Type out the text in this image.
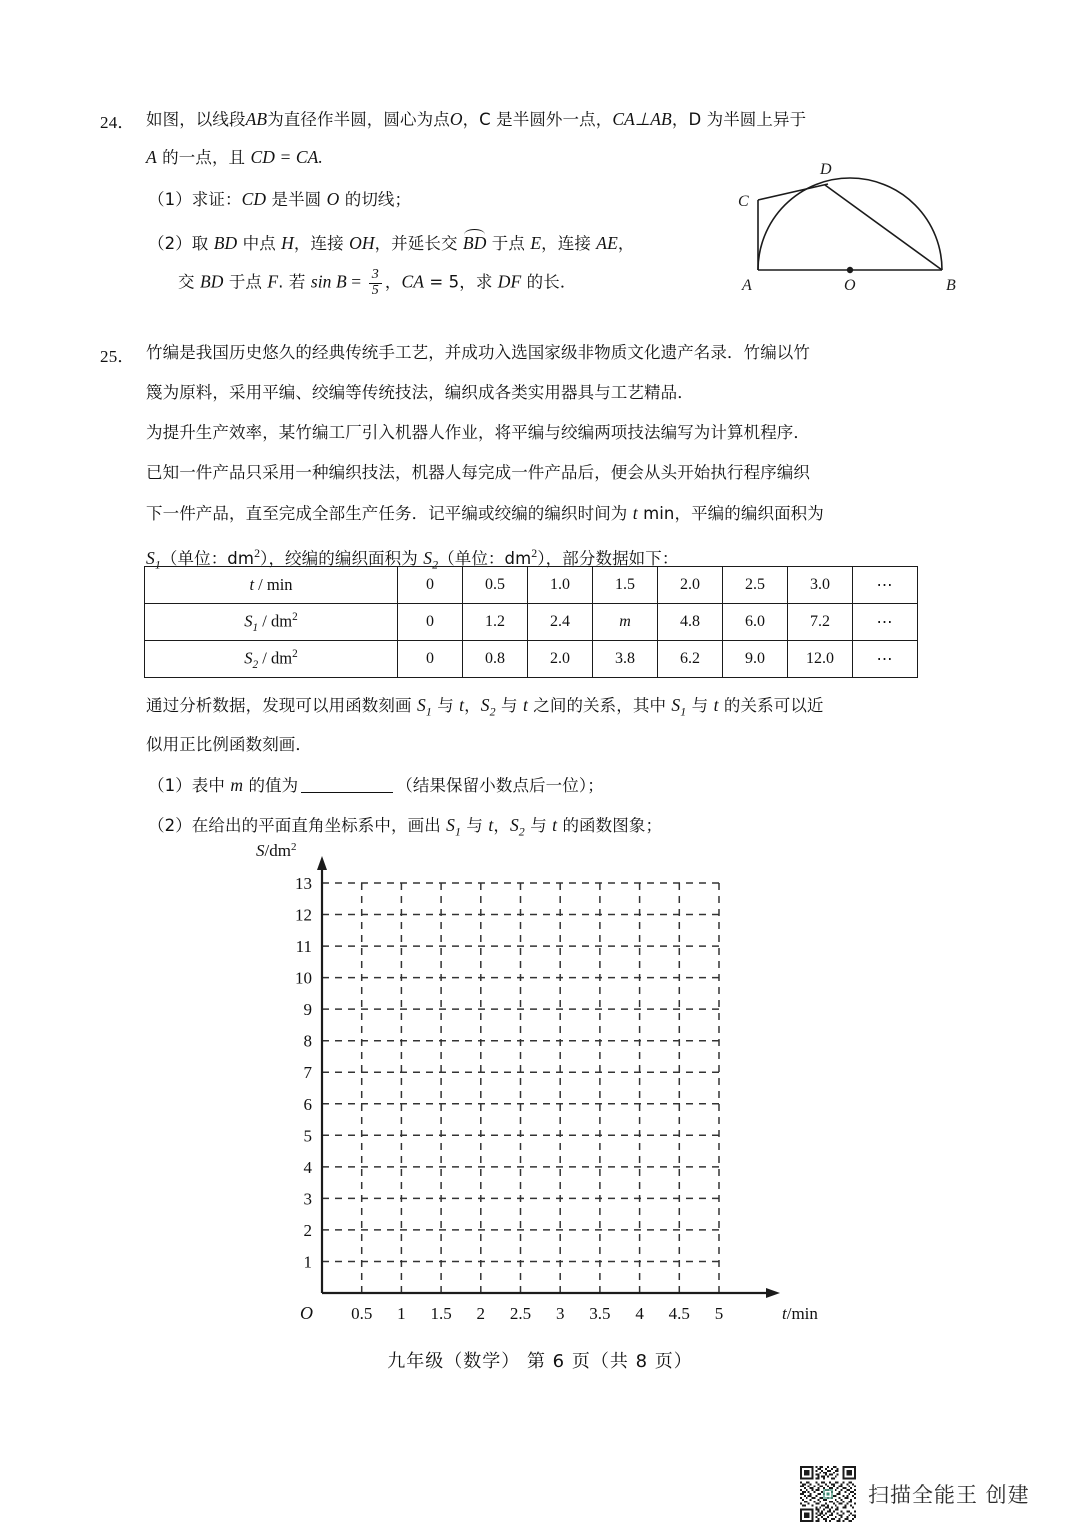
24． 如图，以线段AB为直径作半圆，圆心为点O，C 是半圆外一点，CA⊥AB，D 为半圆上异于
A 的一点，且 CD = CA.
（1）求证：CD 是半圆 O 的切线；
（2）取 BD 中点 H，连接 OH，并延长交 BD 于点 E，连接 AE，
交 BD 于点 F. 若 $\sin B = \frac{3}{5}$ ，CA = 5，求 DF 的长．	A	B
C
D
O
25． 竹编是我国历史悠久的经典传统手工艺，并成功入选国家级非物质文化遗产名录．竹编以竹
篾为原料，采用平编、绞编等传统技法，编织成各类实用器具与工艺精品．
为提升生产效率，某竹编工厂引入机器人作业，将平编与绞编两项技法编写为计算机程序．
已知一件产品只采用一种编织技法，机器人每完成一件产品后，便会从头开始执行程序编织
下一件产品，直至完成全部生产任务．记平编或绞编的编织时间为 t min，平编的编织面积为
$S_1$（单位：$dm^2$），绞编的编织面积为 $S_2$（单位：$dm^2$），部分数据如下：
t / min	0	0.5	1.0	1.5	2.0	2.5	3.0	⋯
$S_1 / dm^2$	0	1.2	2.4	m	4.8	6.0	7.2	⋯
$S_2 / dm^2$	0	0.8	2.0	3.8	6.2	9.0	12.0	⋯
通过分析数据，发现可以用函数刻画 $S_1$ 与 t，$S_2$ 与 t 之间的关系，其中 $S_1$ 与 t 的关系可以近
似用正比例函数刻画．
（1）表中 m 的值为	（结果保留小数点后一位）；
（2）在给出的平面直角坐标系中，画出 $S_1$ 与 t，$S_2$ 与 t 的函数图象；
1
2
3
4
5
6
7
8
9
10
11
12
13
0.5 1 1.5 2 2.5 3 3.5 4 4.5 5
O
$S/dm^2$
t/min
九年级（数学） 第 6 页（共 8 页）
扫描全能王 创建
